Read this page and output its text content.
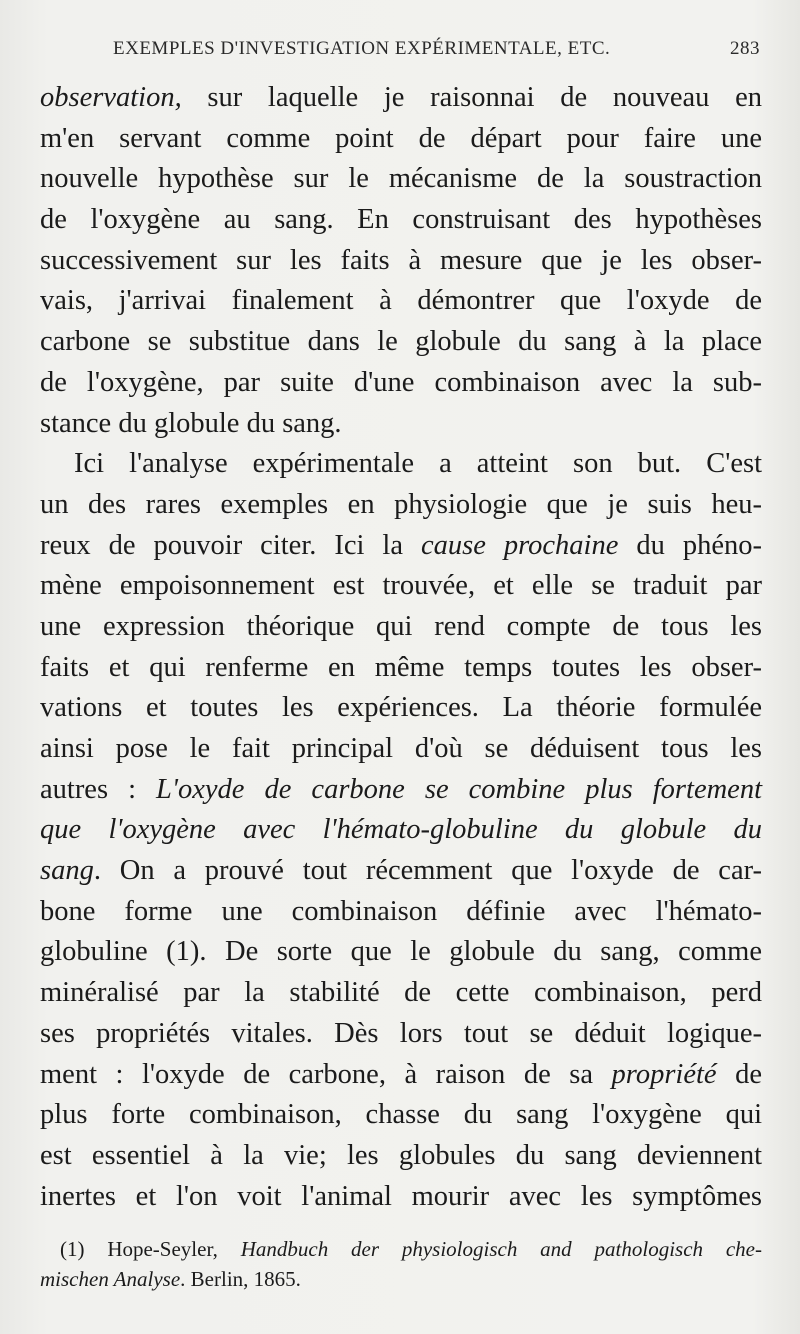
EXEMPLES D'INVESTIGATION EXPÉRIMENTALE, ETC.	283
observation, sur laquelle je raisonnai de nouveau en
m'en servant comme point de départ pour faire une
nouvelle hypothèse sur le mécanisme de la soustraction
de l'oxygène au sang. En construisant des hypothèses
successivement sur les faits à mesure que je les obser-
vais, j'arrivai finalement à démontrer que l'oxyde de
carbone se substitue dans le globule du sang à la place
de l'oxygène, par suite d'une combinaison avec la sub-
stance du globule du sang.
Ici l'analyse expérimentale a atteint son but. C'est
un des rares exemples en physiologie que je suis heu-
reux de pouvoir citer. Ici la cause prochaine du phéno-
mène empoisonnement est trouvée, et elle se traduit par
une expression théorique qui rend compte de tous les
faits et qui renferme en même temps toutes les obser-
vations et toutes les expériences. La théorie formulée
ainsi pose le fait principal d'où se déduisent tous les
autres : L'oxyde de carbone se combine plus fortement
que l'oxygène avec l'hémato-globuline du globule du
sang. On a prouvé tout récemment que l'oxyde de car-
bone forme une combinaison définie avec l'hémato-
globuline (1). De sorte que le globule du sang, comme
minéralisé par la stabilité de cette combinaison, perd
ses propriétés vitales. Dès lors tout se déduit logique-
ment : l'oxyde de carbone, à raison de sa propriété de
plus forte combinaison, chasse du sang l'oxygène qui
est essentiel à la vie; les globules du sang deviennent
inertes et l'on voit l'animal mourir avec les symptômes
(1) Hope-Seyler, Handbuch der physiologisch and pathologisch che-
mischen Analyse. Berlin, 1865.
